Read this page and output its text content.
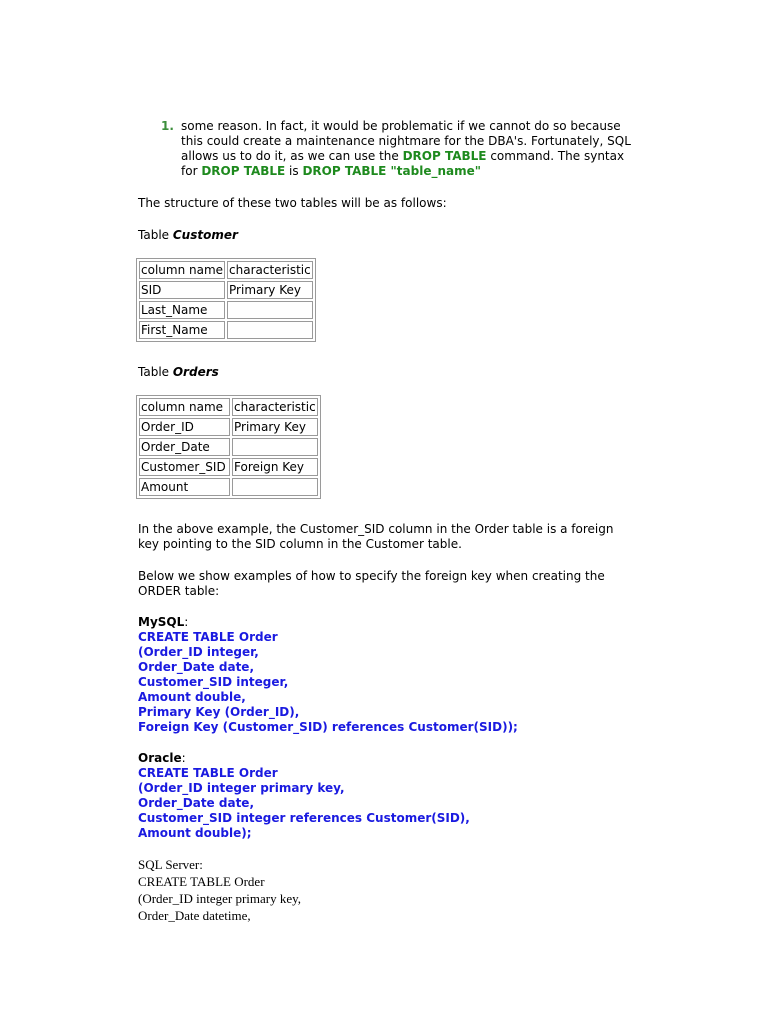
1. some reason. In fact, it would be problematic if we cannot do so because
this could create a maintenance nightmare for the DBA's. Fortunately, SQL
allows us to do it, as we can use the DROP TABLE command. The syntax
for DROP TABLE is DROP TABLE "table_name"
The structure of these two tables will be as follows:
Table Customer
column name	characteristic
SID	Primary Key
Last_Name	
First_Name	
Table Orders
column name	characteristic
Order_ID	Primary Key
Order_Date	
Customer_SID	Foreign Key
Amount	
In the above example, the Customer_SID column in the Order table is a foreign
key pointing to the SID column in the Customer table.
Below we show examples of how to specify the foreign key when creating the
ORDER table:
MySQL:
CREATE TABLE Order
(Order_ID integer,
Order_Date date,
Customer_SID integer,
Amount double,
Primary Key (Order_ID),
Foreign Key (Customer_SID) references Customer(SID));
Oracle:
CREATE TABLE Order
(Order_ID integer primary key,
Order_Date date,
Customer_SID integer references Customer(SID),
Amount double);
SQL Server:
CREATE TABLE Order
(Order_ID integer primary key,
Order_Date datetime,
